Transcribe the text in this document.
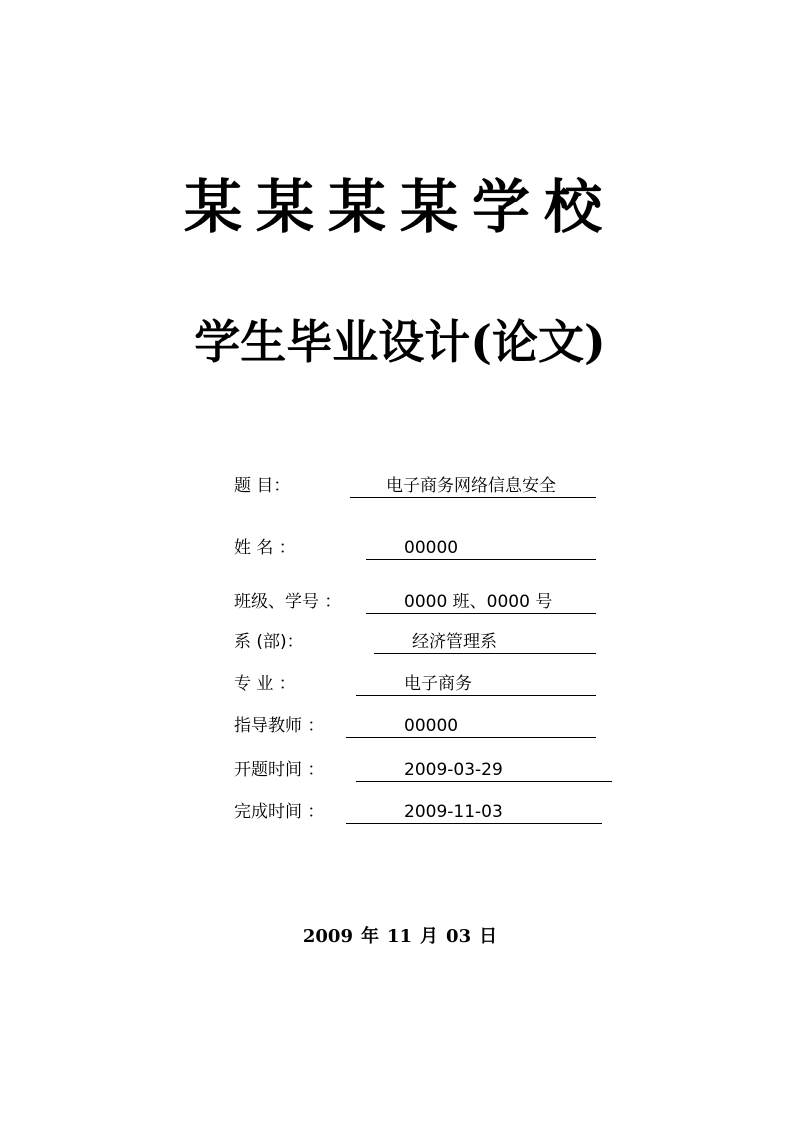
某某某某学校
学生毕业设计(论文)
题 目：	电子商务网络信息安全
姓 名 ：	00000
班级、学号 ：	0000 班、0000 号
系 (部)：	经济管理系
专 业 ：	电子商务
指导教师 ：	00000
开题时间 ：	2009-03-29
完成时间 ：	2009-11-03
2009 年 11 月 03 日
